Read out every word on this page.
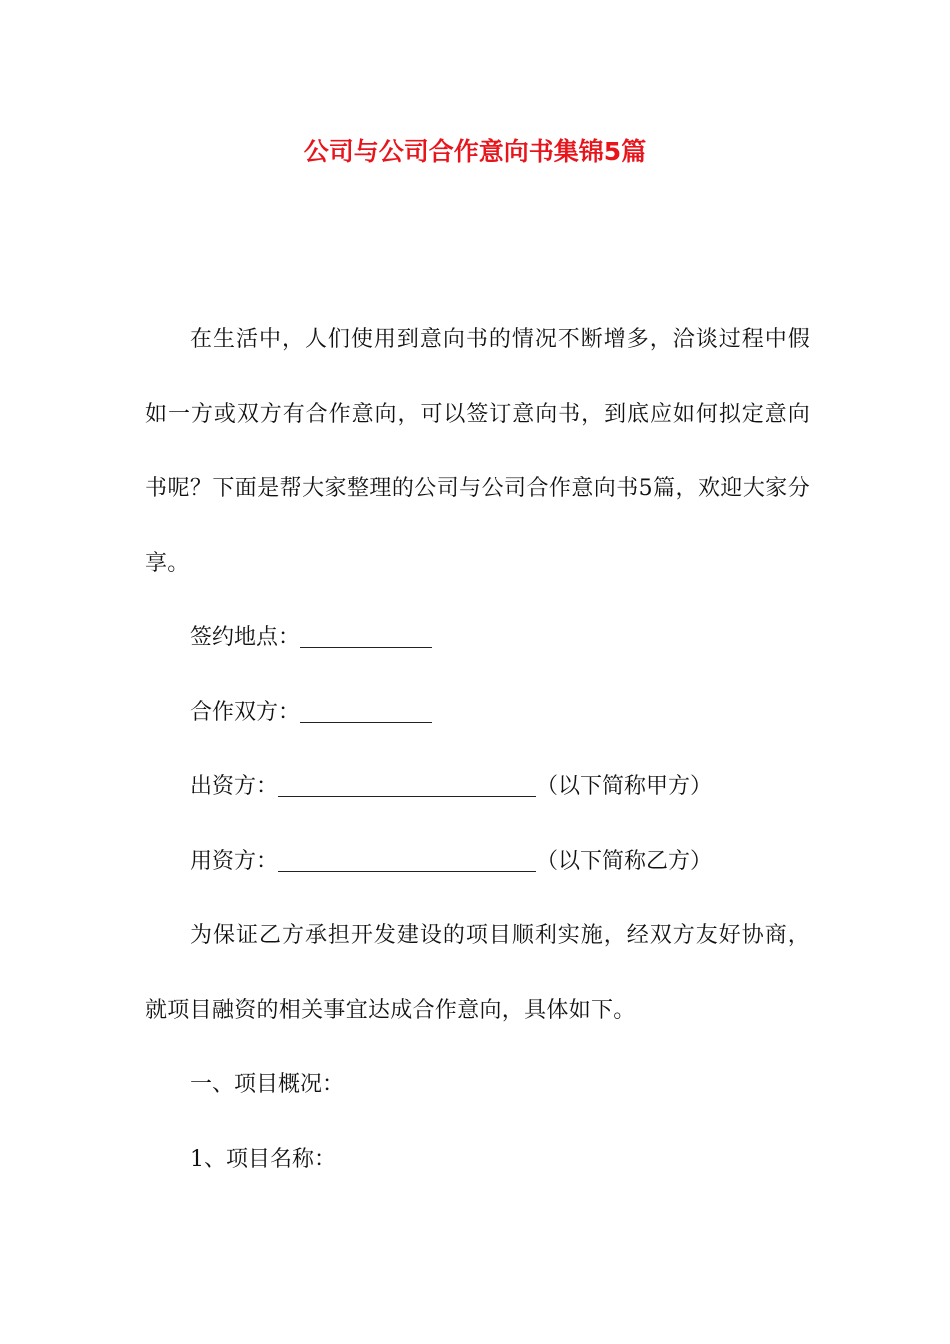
公司与公司合作意向书集锦5篇

在生活中，人们使用到意向书的情况不断增多，洽谈过程中假如一方或双方有合作意向，可以签订意向书，到底应如何拟定意向书呢？下面是帮大家整理的公司与公司合作意向书5篇，欢迎大家分享。

签约地点：

合作双方：

出资方：	（以下简称甲方）

用资方：	（以下简称乙方）

为保证乙方承担开发建设的项目顺利实施，经双方友好协商，就项目融资的相关事宜达成合作意向，具体如下。

一、项目概况：

1、项目名称：
